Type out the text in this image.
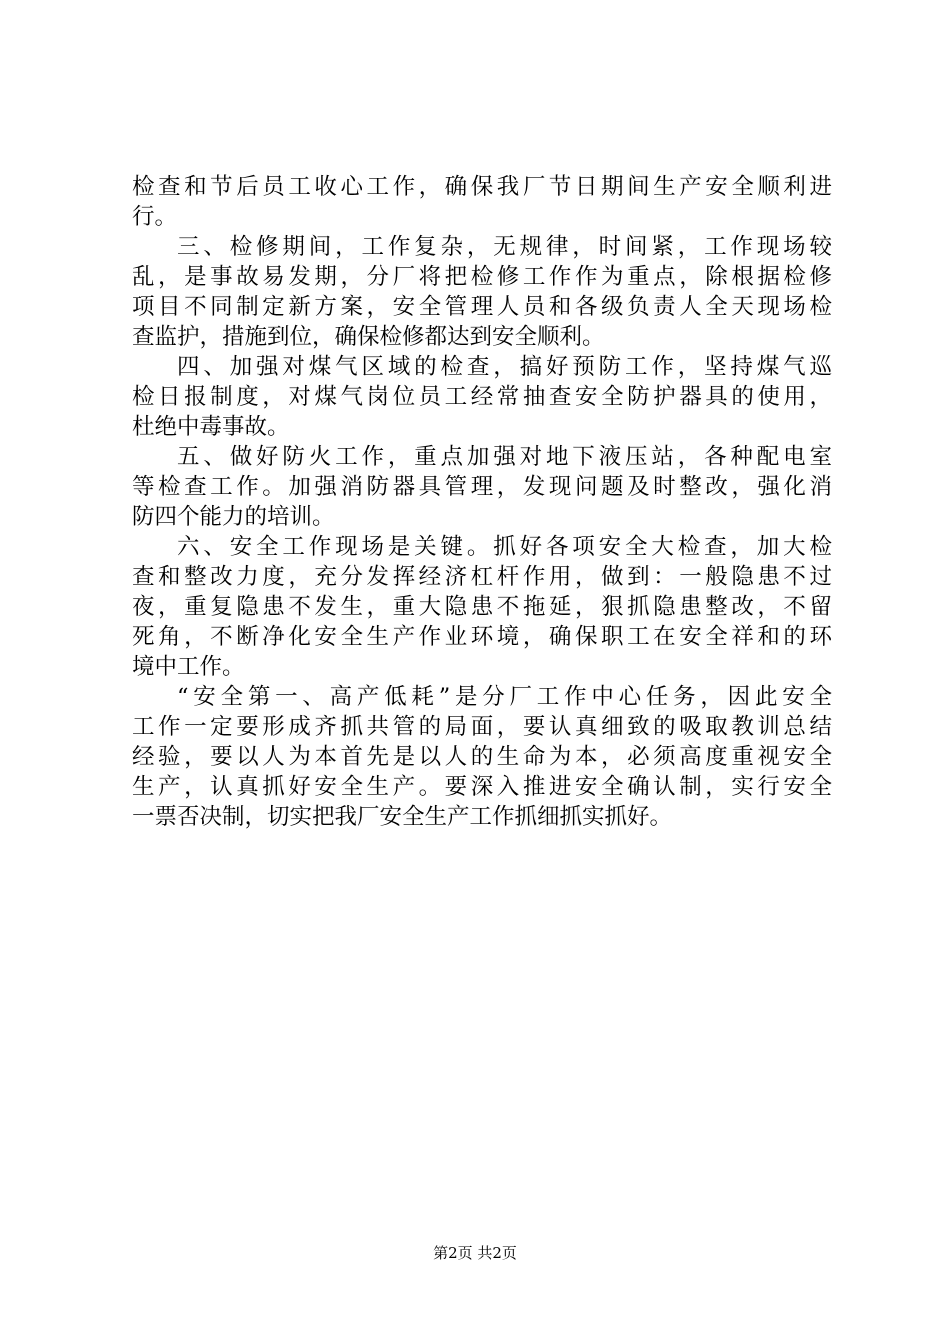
检查和节后员工收心工作，确保我厂节日期间生产安全顺利进
行。
三、检修期间，工作复杂，无规律，时间紧，工作现场较
乱，是事故易发期，分厂将把检修工作作为重点，除根据检修
项目不同制定新方案，安全管理人员和各级负责人全天现场检
查监护，措施到位，确保检修都达到安全顺利。
四、加强对煤气区域的检查，搞好预防工作，坚持煤气巡
检日报制度，对煤气岗位员工经常抽查安全防护器具的使用，
杜绝中毒事故。
五、做好防火工作，重点加强对地下液压站，各种配电室
等检查工作。加强消防器具管理，发现问题及时整改，强化消
防四个能力的培训。
六、安全工作现场是关键。抓好各项安全大检查，加大检
查和整改力度，充分发挥经济杠杆作用，做到：一般隐患不过
夜，重复隐患不发生，重大隐患不拖延，狠抓隐患整改，不留
死角，不断净化安全生产作业环境，确保职工在安全祥和的环
境中工作。
“安全第一、高产低耗”是分厂工作中心任务，因此安全
工作一定要形成齐抓共管的局面，要认真细致的吸取教训总结
经验，要以人为本首先是以人的生命为本，必须高度重视安全
生产，认真抓好安全生产。要深入推进安全确认制，实行安全
一票否决制，切实把我厂安全生产工作抓细抓实抓好。
第2页 共2页
